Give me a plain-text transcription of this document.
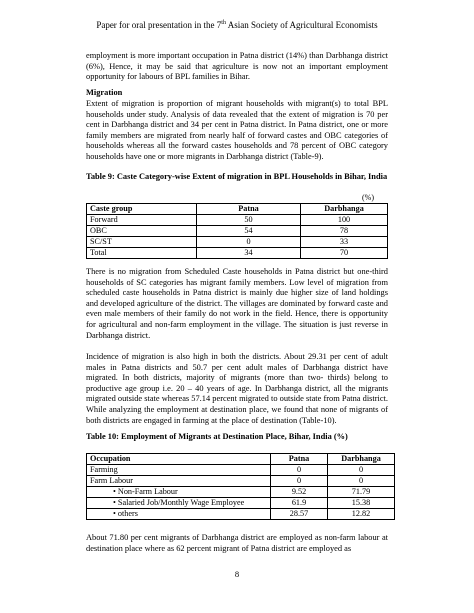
Paper for oral presentation in the 7th Asian Society of Agricultural Economists
employment is more important occupation in Patna district (14%) than Darbhanga district (6%), Hence, it may be said that agriculture is now not an important employment opportunity for labours of BPL families in Bihar.
Migration
Extent of migration is proportion of migrant households with migrant(s) to total BPL households under study. Analysis of data revealed that the extent of migration is 70 per cent in Darbhanga district and 34 per cent in Patna district. In Patna district, one or more family members are migrated from nearly half of forward castes and OBC categories of households whereas all the forward castes households and 78 percent of OBC category households have one or more migrants in Darbhanga district (Table-9).
Table 9: Caste Category-wise Extent of migration in BPL Households in Bihar, India
(%)
Caste group	Patna	Darbhanga
Forward	50	100
OBC	54	78
SC/ST	0	33
Total	34	70
There is no migration from Scheduled Caste households in Patna district but one-third households of SC categories has migrant family members. Low level of migration from scheduled caste households in Patna district is mainly due higher size of land holdings and developed agriculture of the district. The villages are dominated by forward caste and even male members of their family do not work in the field. Hence, there is opportunity for agricultural and non-farm employment in the village. The situation is just reverse in Darbhanga district.
Incidence of migration is also high in both the districts. About 29.31 per cent of adult males in Patna districts and 50.7 per cent adult males of Darbhanga district have migrated. In both districts, majority of migrants (more than two- thirds) belong to productive age group i.e. 20 – 40 years of age. In Darbhanga district, all the migrants migrated outside state whereas 57.14 percent migrated to outside state from Patna district. While analyzing the employment at destination place, we found that none of migrants of both districts are engaged in farming at the place of destination (Table-10).
Table 10: Employment of Migrants at Destination Place, Bihar, India (%)
Occupation	Patna	Darbhanga
Farming	0	0
Farm Labour	0	0
• Non-Farm Labour	9.52	71.79
• Salaried Job/Monthly Wage Employee	61.9	15.38
• others	28.57	12.82
About 71.80 per cent migrants of Darbhanga district are employed as non-farm labour at destination place where as 62 percent migrant of Patna district are employed as
8
